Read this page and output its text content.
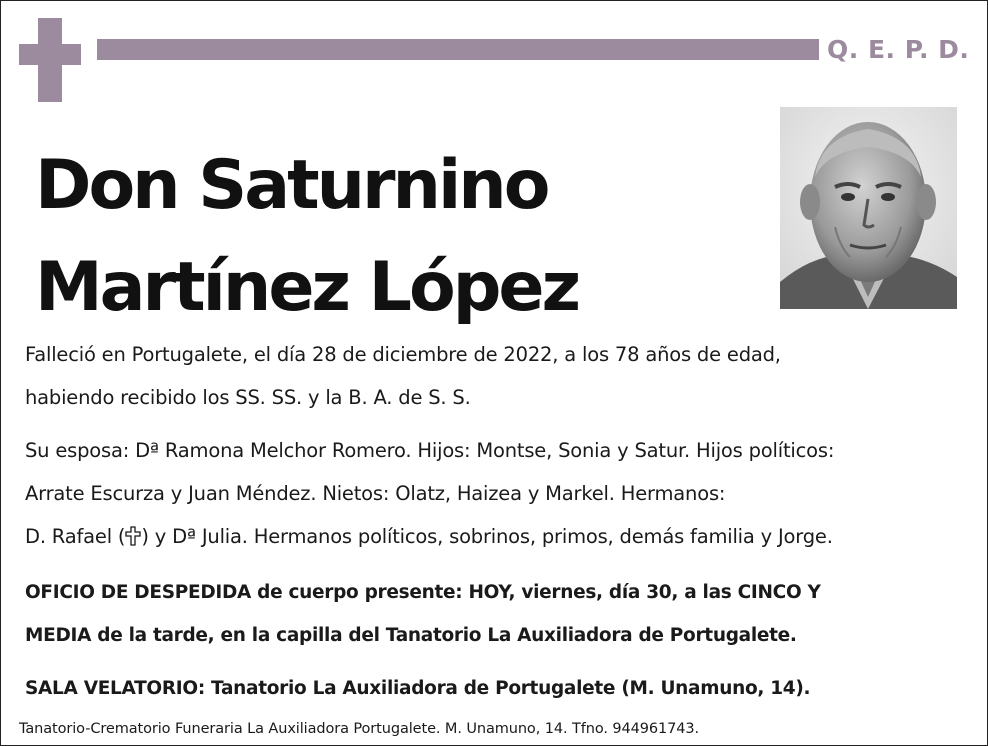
Q. E. P. D.
Don Saturnino
Martínez López

Falleció en Portugalete, el día 28 de diciembre de 2022, a los 78 años de edad,
habiendo recibido los SS. SS. y la B. A. de S. S.

Su esposa: Dª Ramona Melchor Romero. Hijos: Montse, Sonia y Satur. Hijos políticos:
Arrate Escurza y Juan Méndez. Nietos: Olatz, Haizea y Markel. Hermanos:
D. Rafael ( ) y Dª Julia. Hermanos políticos, sobrinos, primos, demás familia y Jorge.

OFICIO DE DESPEDIDA de cuerpo presente: HOY, viernes, día 30, a las CINCO Y
MEDIA de la tarde, en la capilla del Tanatorio La Auxiliadora de Portugalete.

SALA VELATORIO: Tanatorio La Auxiliadora de Portugalete (M. Unamuno, 14).

Tanatorio-Crematorio Funeraria La Auxiliadora Portugalete. M. Unamuno, 14. Tfno. 944961743.
